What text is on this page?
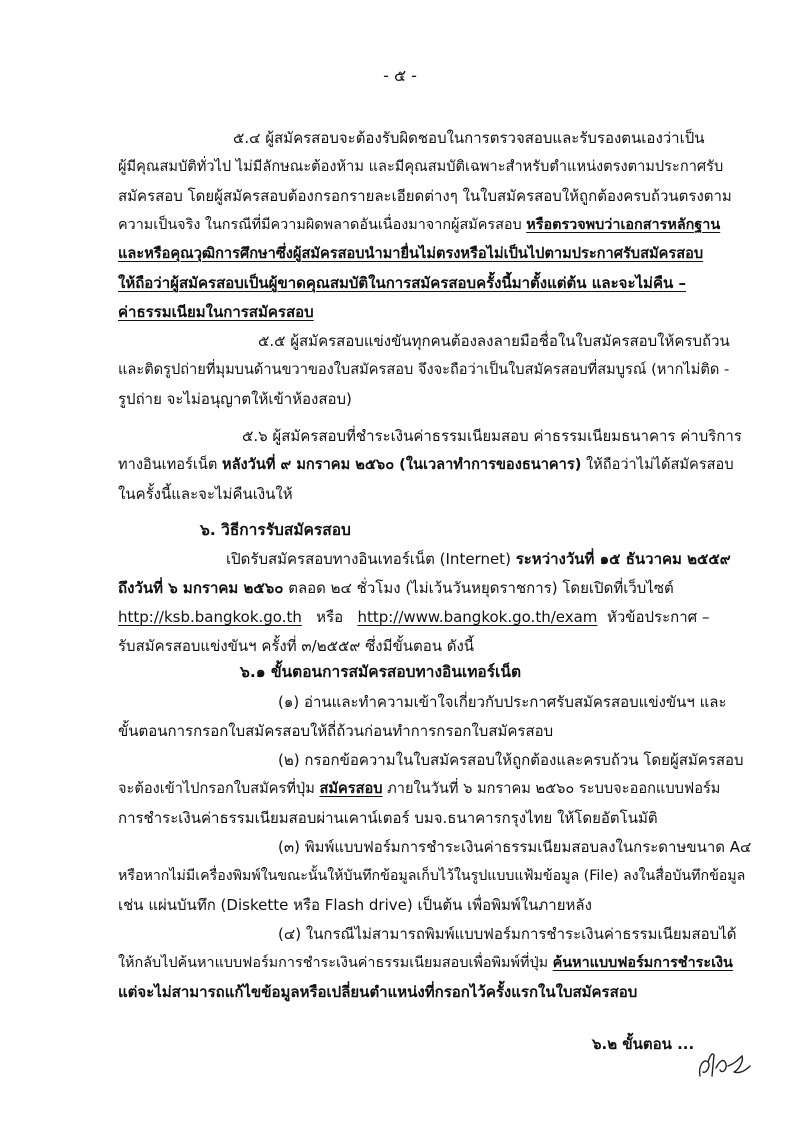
- ๕ -
๕.๔ ผู้สมัครสอบจะต้องรับผิดชอบในการตรวจสอบและรับรองตนเองว่าเป็น
ผู้มีคุณสมบัติทั่วไป ไม่มีลักษณะต้องห้าม และมีคุณสมบัติเฉพาะสำหรับตำแหน่งตรงตามประกาศรับ
สมัครสอบ โดยผู้สมัครสอบต้องกรอกรายละเอียดต่างๆ ในใบสมัครสอบให้ถูกต้องครบถ้วนตรงตาม
ความเป็นจริง ในกรณีที่มีความผิดพลาดอันเนื่องมาจากผู้สมัครสอบ หรือตรวจพบว่าเอกสารหลักฐาน
และหรือคุณวุฒิการศึกษาซึ่งผู้สมัครสอบนำมายื่นไม่ตรงหรือไม่เป็นไปตามประกาศรับสมัครสอบ
ให้ถือว่าผู้สมัครสอบเป็นผู้ขาดคุณสมบัติในการสมัครสอบครั้งนี้มาตั้งแต่ต้น และจะไม่คืน –
ค่าธรรมเนียมในการสมัครสอบ
๕.๕ ผู้สมัครสอบแข่งขันทุกคนต้องลงลายมือชื่อในใบสมัครสอบให้ครบถ้วน
และติดรูปถ่ายที่มุมบนด้านขวาของใบสมัครสอบ จึงจะถือว่าเป็นใบสมัครสอบที่สมบูรณ์ (หากไม่ติด -
รูปถ่าย จะไม่อนุญาตให้เข้าห้องสอบ)
๕.๖ ผู้สมัครสอบที่ชำระเงินค่าธรรมเนียมสอบ ค่าธรรมเนียมธนาคาร ค่าบริการ
ทางอินเทอร์เน็ต หลังวันที่ ๙ มกราคม ๒๕๖๐ (ในเวลาทำการของธนาคาร) ให้ถือว่าไม่ได้สมัครสอบ
ในครั้งนี้และจะไม่คืนเงินให้
๖. วิธีการรับสมัครสอบ
เปิดรับสมัครสอบทางอินเทอร์เน็ต (Internet) ระหว่างวันที่ ๑๕ ธันวาคม ๒๕๕๙
ถึงวันที่ ๖ มกราคม ๒๕๖๐ ตลอด ๒๔ ชั่วโมง (ไม่เว้นวันหยุดราชการ) โดยเปิดที่เว็บไซต์
http://ksb.bangkok.go.th   หรือ   http://www.bangkok.go.th/exam  หัวข้อประกาศ –
รับสมัครสอบแข่งขันฯ ครั้งที่ ๓/๒๕๕๙ ซึ่งมีขั้นตอน ดังนี้
๖.๑ ขั้นตอนการสมัครสอบทางอินเทอร์เน็ต
(๑) อ่านและทำความเข้าใจเกี่ยวกับประกาศรับสมัครสอบแข่งขันฯ และ
ขั้นตอนการกรอกใบสมัครสอบให้ถี่ถ้วนก่อนทำการกรอกใบสมัครสอบ
(๒) กรอกข้อความในใบสมัครสอบให้ถูกต้องและครบถ้วน โดยผู้สมัครสอบ
จะต้องเข้าไปกรอกใบสมัครที่ปุ่ม สมัครสอบ ภายในวันที่ ๖ มกราคม ๒๕๖๐ ระบบจะออกแบบฟอร์ม
การชำระเงินค่าธรรมเนียมสอบผ่านเคาน์เตอร์ บมจ.ธนาคารกรุงไทย ให้โดยอัตโนมัติ
(๓) พิมพ์แบบฟอร์มการชำระเงินค่าธรรมเนียมสอบลงในกระดาษขนาด A๔
หรือหากไม่มีเครื่องพิมพ์ในขณะนั้นให้บันทึกข้อมูลเก็บไว้ในรูปแบบแฟ้มข้อมูล (File) ลงในสื่อบันทึกข้อมูล
เช่น แผ่นบันทึก (Diskette หรือ Flash drive) เป็นต้น เพื่อพิมพ์ในภายหลัง
(๔) ในกรณีไม่สามารถพิมพ์แบบฟอร์มการชำระเงินค่าธรรมเนียมสอบได้
ให้กลับไปค้นหาแบบฟอร์มการชำระเงินค่าธรรมเนียมสอบเพื่อพิมพ์ที่ปุ่ม ค้นหาแบบฟอร์มการชำระเงิน
แต่จะไม่สามารถแก้ไขข้อมูลหรือเปลี่ยนตำแหน่งที่กรอกไว้ครั้งแรกในใบสมัครสอบ
๖.๒ ขั้นตอน ...
